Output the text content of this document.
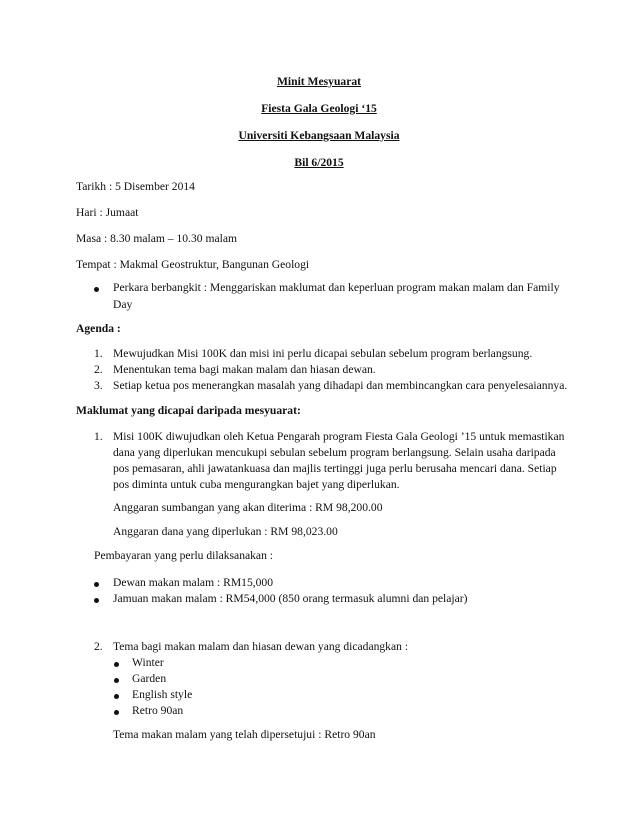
Minit Mesyuarat
Fiesta Gala Geologi ‘15
Universiti Kebangsaan Malaysia
Bil 6/2015
Tarikh : 5 Disember 2014
Hari : Jumaat
Masa : 8.30 malam – 10.30 malam
Tempat : Makmal Geostruktur, Bangunan Geologi
Perkara berbangkit : Menggariskan maklumat dan keperluan program makan malam dan Family
Day
Agenda :
1. Mewujudkan Misi 100K dan misi ini perlu dicapai sebulan sebelum program berlangsung.
2. Menentukan tema bagi makan malam dan hiasan dewan.
3. Setiap ketua pos menerangkan masalah yang dihadapi dan membincangkan cara penyelesaiannya.
Maklumat yang dicapai daripada mesyuarat:
1. Misi 100K diwujudkan oleh Ketua Pengarah program Fiesta Gala Geologi ’15 untuk memastikan
dana yang diperlukan mencukupi sebulan sebelum program berlangsung. Selain usaha daripada
pos pemasaran, ahli jawatankuasa dan majlis tertinggi juga perlu berusaha mencari dana. Setiap
pos diminta untuk cuba mengurangkan bajet yang diperlukan.
Anggaran sumbangan yang akan diterima : RM 98,200.00
Anggaran dana yang diperlukan : RM 98,023.00
Pembayaran yang perlu dilaksanakan :
Dewan makan malam : RM15,000
Jamuan makan malam : RM54,000 (850 orang termasuk alumni dan pelajar)
2. Tema bagi makan malam dan hiasan dewan yang dicadangkan :
Winter
Garden
English style
Retro 90an
Tema makan malam yang telah dipersetujui : Retro 90an
